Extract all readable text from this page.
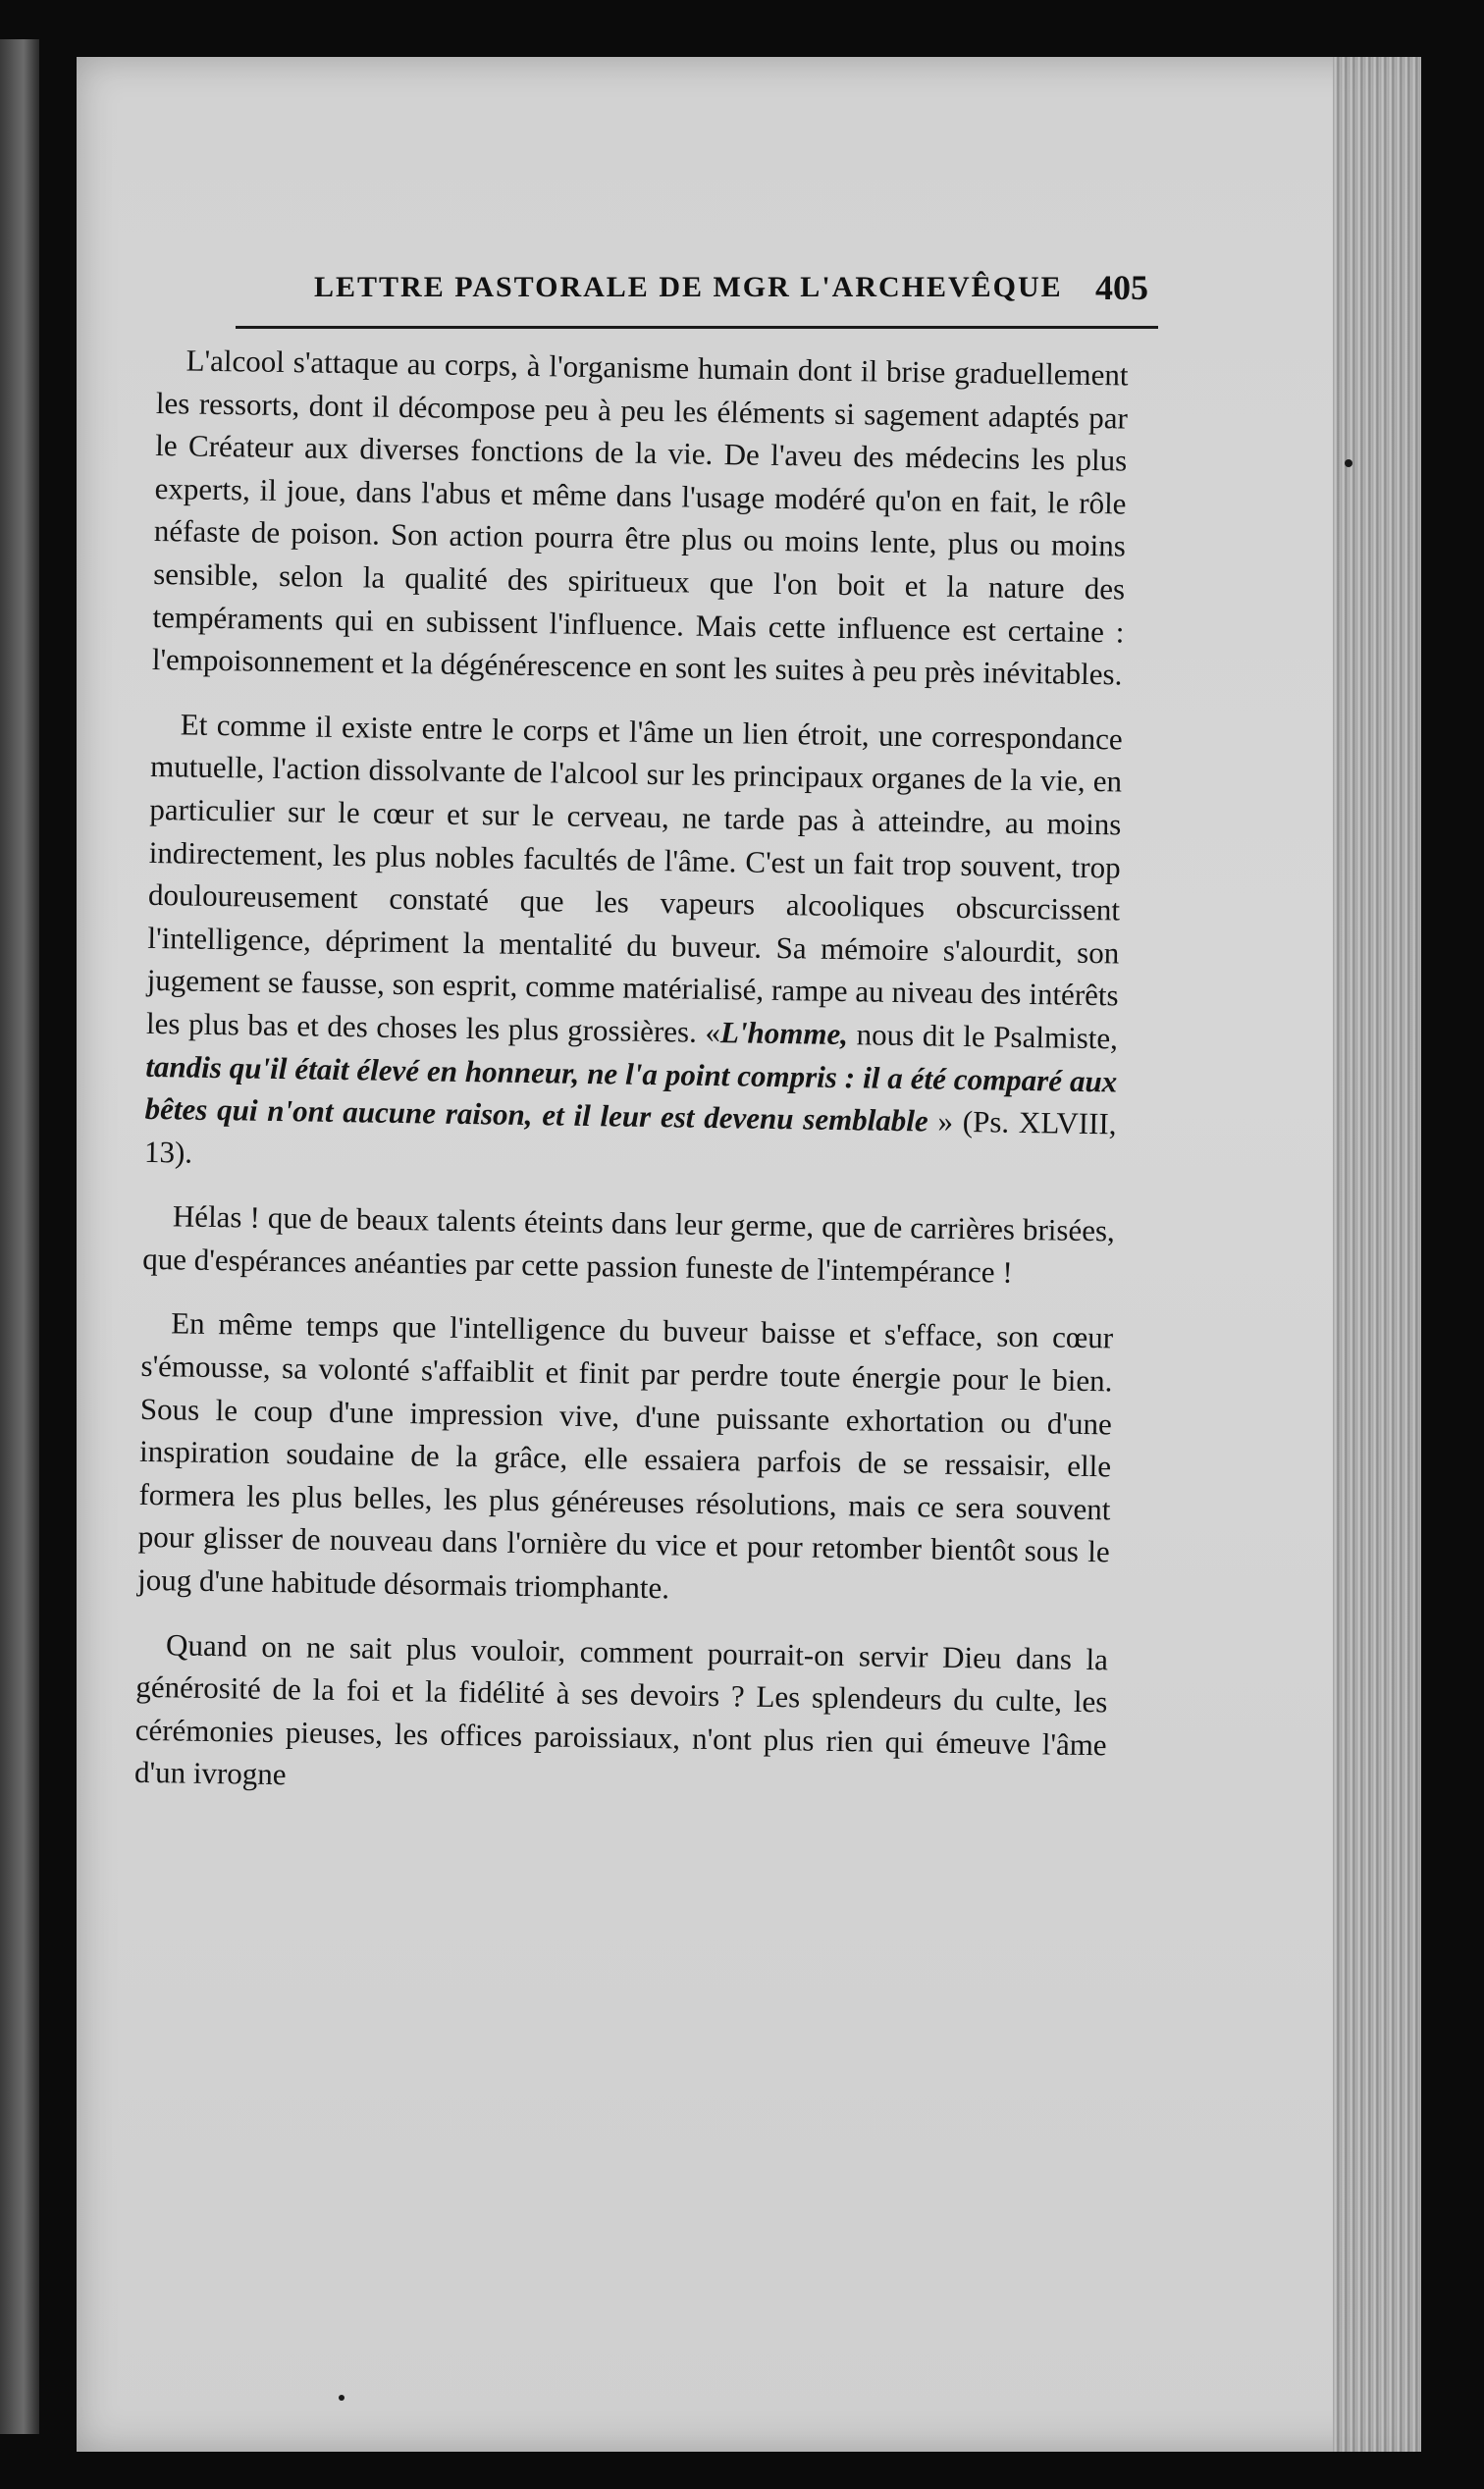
LETTRE PASTORALE DE MGR L'ARCHEVÊQUE 405

L'alcool s'attaque au corps, à l'organisme humain dont il brise graduellement les ressorts, dont il décompose peu à peu les éléments si sagement adaptés par le Créateur aux diverses fonctions de la vie. De l'aveu des médecins les plus experts, il joue, dans l'abus et même dans l'usage modéré qu'on en fait, le rôle néfaste de poison. Son action pourra être plus ou moins lente, plus ou moins sensible, selon la qualité des spiritueux que l'on boit et la nature des tempéraments qui en subissent l'influence. Mais cette influence est certaine : l'empoisonnement et la dégénérescence en sont les suites à peu près inévitables.

Et comme il existe entre le corps et l'âme un lien étroit, une correspondance mutuelle, l'action dissolvante de l'alcool sur les principaux organes de la vie, en particulier sur le cœur et sur le cerveau, ne tarde pas à atteindre, au moins indirectement, les plus nobles facultés de l'âme. C'est un fait trop souvent, trop douloureusement constaté que les vapeurs alcooliques obscurcissent l'intelligence, dépriment la mentalité du buveur. Sa mémoire s'alourdit, son jugement se fausse, son esprit, comme matérialisé, rampe au niveau des intérêts les plus bas et des choses les plus grossières. «L'homme, nous dit le Psalmiste, tandis qu'il était élevé en honneur, ne l'a point compris : il a été comparé aux bêtes qui n'ont aucune raison, et il leur est devenu semblable » (Ps. XLVIII, 13).

Hélas ! que de beaux talents éteints dans leur germe, que de carrières brisées, que d'espérances anéanties par cette passion funeste de l'intempérance !

En même temps que l'intelligence du buveur baisse et s'efface, son cœur s'émousse, sa volonté s'affaiblit et finit par perdre toute énergie pour le bien. Sous le coup d'une impression vive, d'une puissante exhortation ou d'une inspiration soudaine de la grâce, elle essaiera parfois de se ressaisir, elle formera les plus belles, les plus généreuses résolutions, mais ce sera souvent pour glisser de nouveau dans l'ornière du vice et pour retomber bientôt sous le joug d'une habitude désormais triomphante.

Quand on ne sait plus vouloir, comment pourrait-on servir Dieu dans la générosité de la foi et la fidélité à ses devoirs ? Les splendeurs du culte, les cérémonies pieuses, les offices paroissiaux, n'ont plus rien qui émeuve l'âme d'un ivrogne
